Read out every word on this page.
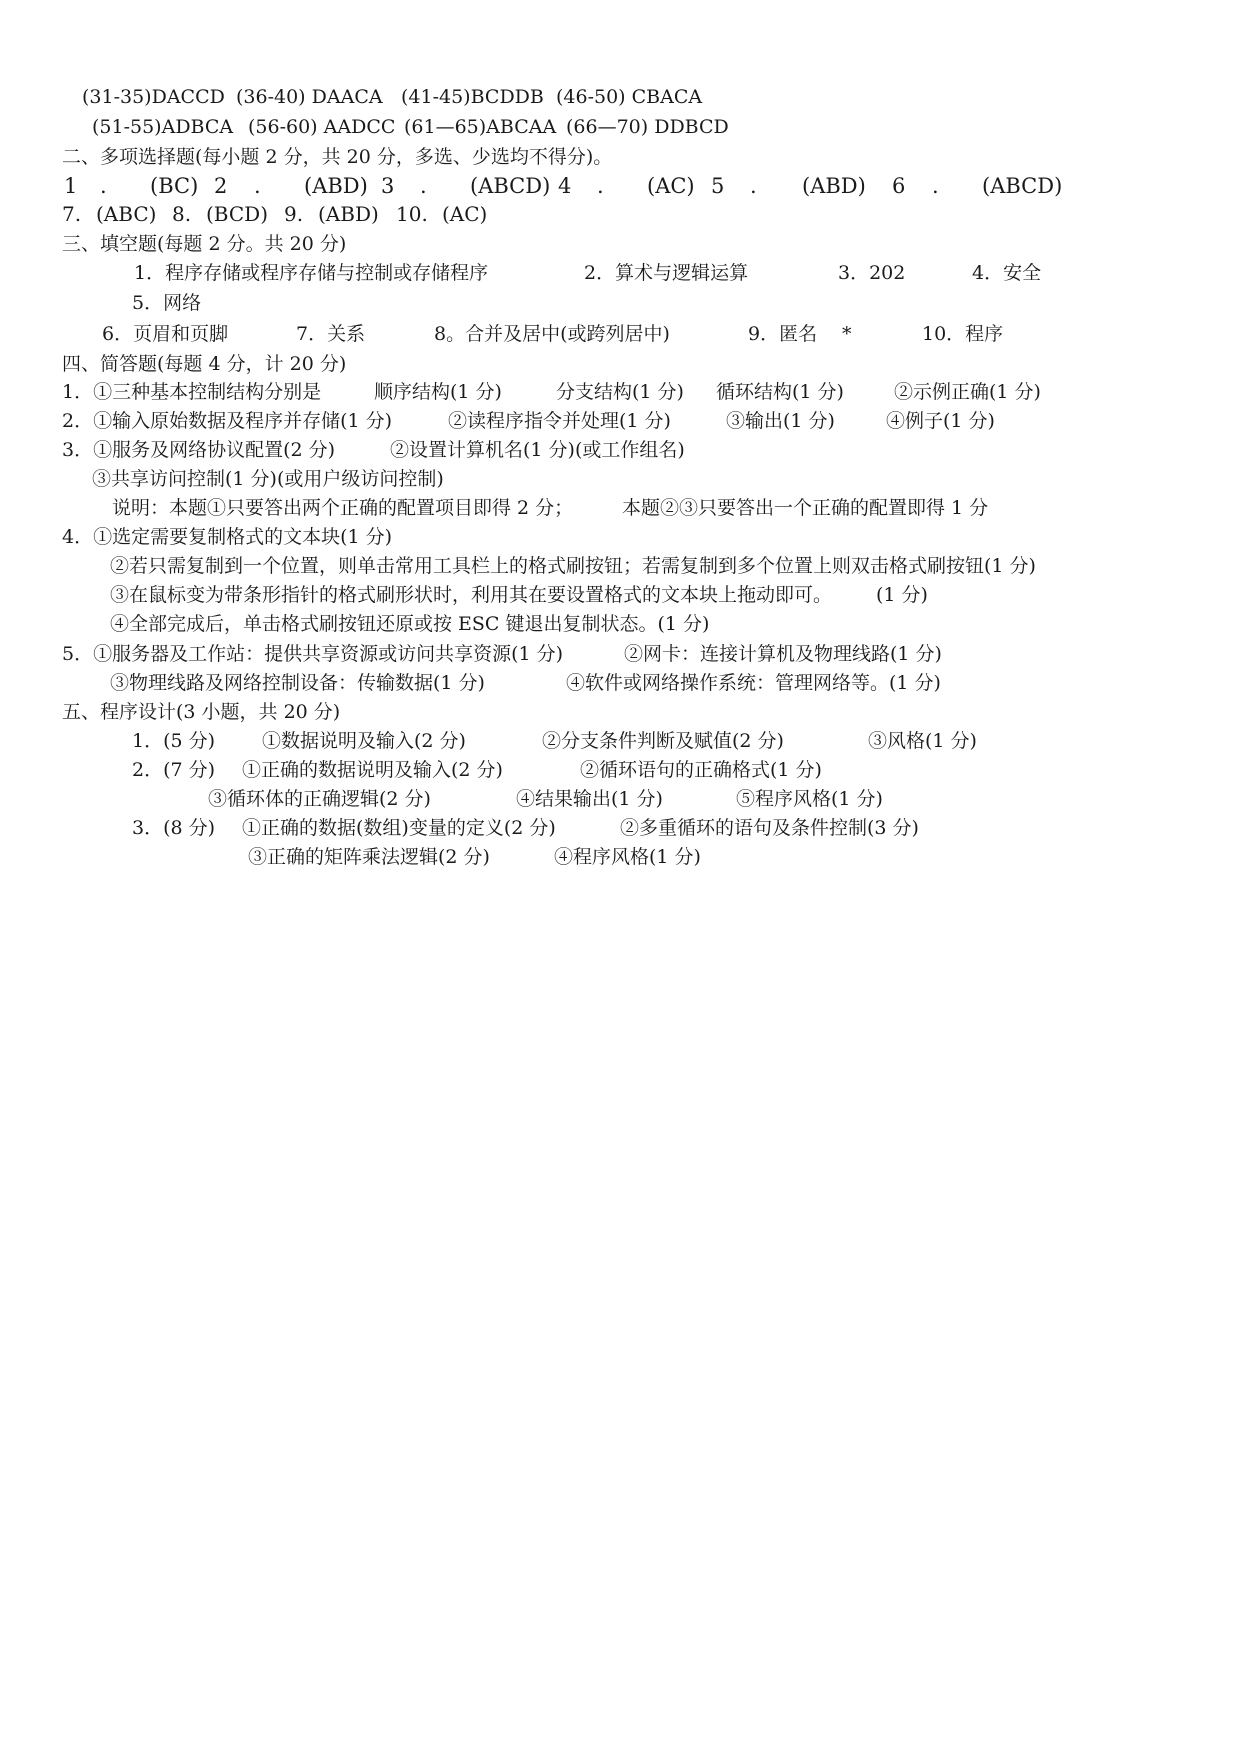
(31-35)DACCD (36-40) DAACA (41-45)BCDDB (46-50) CBACA
(51-55)ADBCA (56-60) AADCC (61—65)ABCAA (66—70) DDBCD
二、多项选择题(每小题 2 分，共 20 分，多选、少选均不得分)。
1 . (BC) 2 . (ABD) 3 . (ABCD) 4 . (AC) 5 . (ABD) 6 . (ABCD)
7. (ABC) 8. (BCD) 9. (ABD) 10. (AC)
三、填空题(每题 2 分。共 20 分)
1．程序存储或程序存储与控制或存储程序	2．算术与逻辑运算	3．202	4．安全
5．网络
6．页眉和页脚	7．关系	8。合并及居中(或跨列居中)	9．匿名 *	10．程序
四、简答题(每题 4 分，计 20 分)
1．①三种基本控制结构分别是	顺序结构(1 分)	分支结构(1 分) 循环结构(1 分)	②示例正确(1 分)
2．①输入原始数据及程序并存储(1 分)	②读程序指令并处理(1 分)	③输出(1 分)	④例子(1 分)
3．①服务及网络协议配置(2 分)	②设置计算机名(1 分)(或工作组名)
③共享访问控制(1 分)(或用户级访问控制)
说明：本题①只要答出两个正确的配置项目即得 2 分；	本题②③只要答出一个正确的配置即得 1 分
4．①选定需要复制格式的文本块(1 分)
②若只需复制到一个位置，则单击常用工具栏上的格式刷按钮；若需复制到多个位置上则双击格式刷按钮(1 分)
③在鼠标变为带条形指针的格式刷形状时，利用其在要设置格式的文本块上拖动即可。 (1 分)
④全部完成后，单击格式刷按钮还原或按 ESC 键退出复制状态。(1 分)
5．①服务器及工作站：提供共享资源或访问共享资源(1 分)	②网卡：连接计算机及物理线路(1 分)
③物理线路及网络控制设备：传输数据(1 分)	④软件或网络操作系统：管理网络等。(1 分)
五、程序设计(3 小题，共 20 分)
1．(5 分) ①数据说明及输入(2 分)	②分支条件判断及赋值(2 分)	③风格(1 分)
2．(7 分) ①正确的数据说明及输入(2 分)	②循环语句的正确格式(1 分)
③循环体的正确逻辑(2 分)	④结果输出(1 分)	⑤程序风格(1 分)
3．(8 分) ①正确的数据(数组)变量的定义(2 分)	②多重循环的语句及条件控制(3 分)
③正确的矩阵乘法逻辑(2 分)	④程序风格(1 分)
